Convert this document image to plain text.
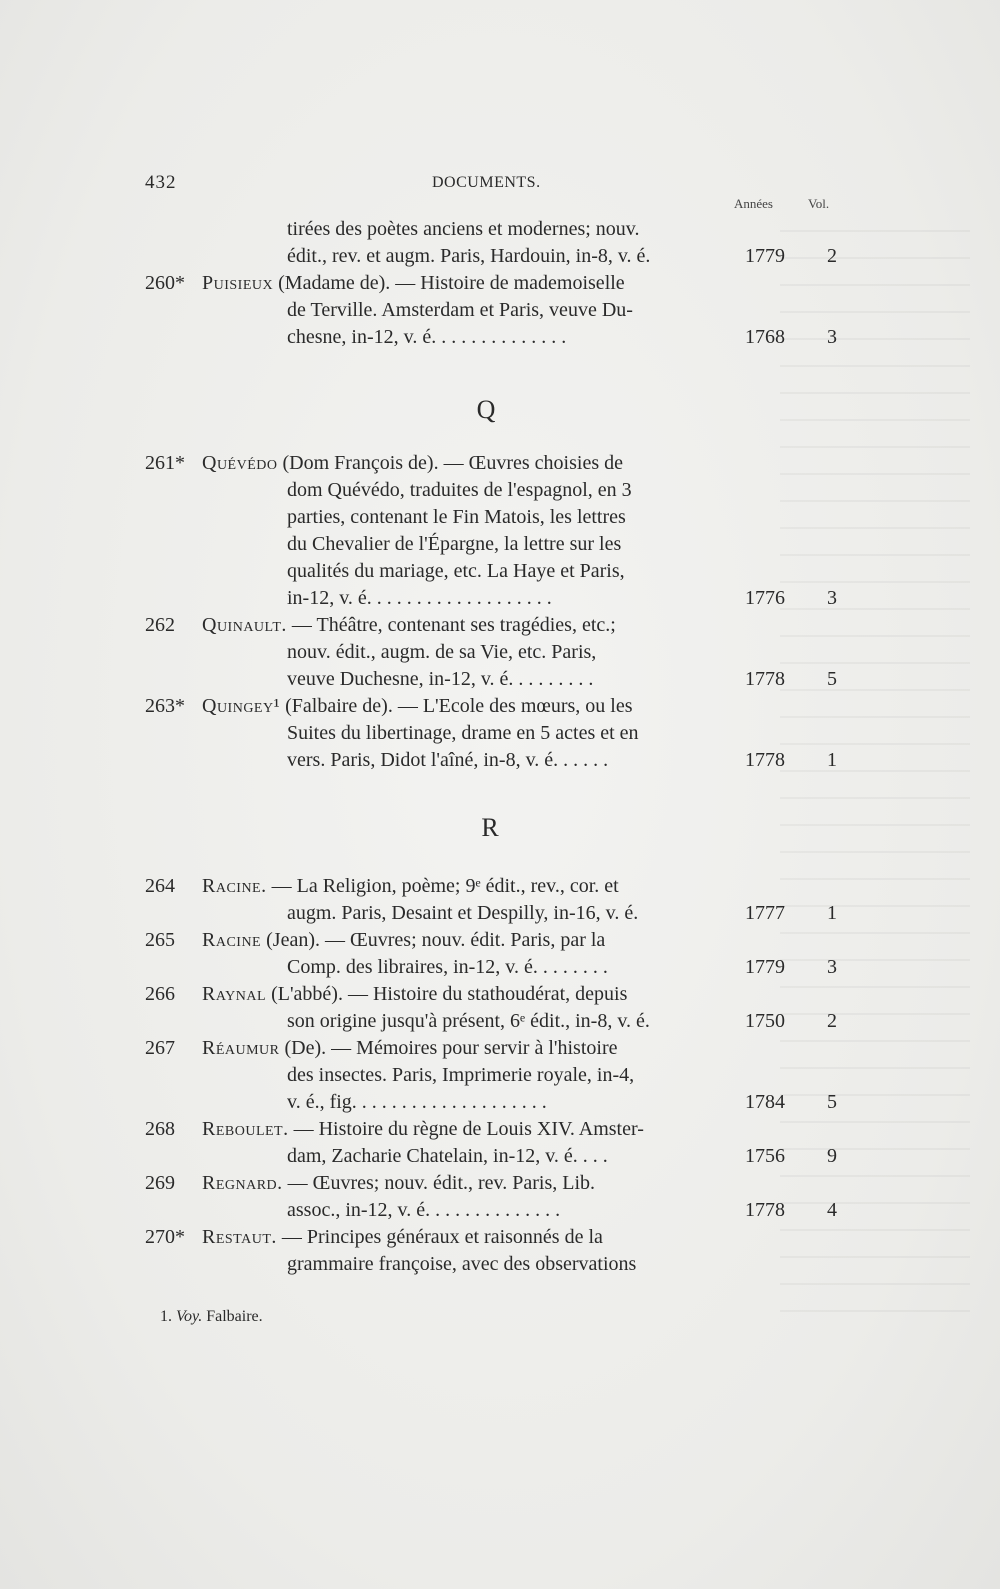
432	DOCUMENTS.
Années	Vol.
tirées des poètes anciens et modernes; nouv.
édit., rev. et augm. Paris, Hardouin, in-8, v. é.	1779	2
260* Puisieux (Madame de). — Histoire de mademoiselle
de Terville. Amsterdam et Paris, veuve Du-
chesne, in-12, v. é. . . . . . . . . . . . . .	1768	3
261* Quévédo (Dom François de). — Œuvres choisies de
dom Quévédo, traduites de l'espagnol, en 3
parties, contenant le Fin Matois, les lettres
du Chevalier de l'Épargne, la lettre sur les
qualités du mariage, etc. La Haye et Paris,
in-12, v. é. . . . . . . . . . . . . . . . . . .	1776	3
262 Quinault. — Théâtre, contenant ses tragédies, etc.;
nouv. édit., augm. de sa Vie, etc. Paris,
veuve Duchesne, in-12, v. é. . . . . . . . .	1778	5
263* Quingey¹ (Falbaire de). — L'Ecole des mœurs, ou les
Suites du libertinage, drame en 5 actes et en
vers. Paris, Didot l'aîné, in-8, v. é. . . . . .	1778	1
264 Racine. — La Religion, poème; 9ᵉ édit., rev., cor. et
augm. Paris, Desaint et Despilly, in-16, v. é.	1777	1
265 Racine (Jean). — Œuvres; nouv. édit. Paris, par la
Comp. des libraires, in-12, v. é. . . . . . . .	1779	3
266 Raynal (L'abbé). — Histoire du stathoudérat, depuis
son origine jusqu'à présent, 6ᵉ édit., in-8, v. é.	1750	2
267 Réaumur (De). — Mémoires pour servir à l'histoire
des insectes. Paris, Imprimerie royale, in-4,
v. é., fig. . . . . . . . . . . . . . . . . . . .	1784	5
268 Reboulet. — Histoire du règne de Louis XIV. Amster-
dam, Zacharie Chatelain, in-12, v. é. . . .	1756	9
269 Regnard. — Œuvres; nouv. édit., rev. Paris, Lib.
assoc., in-12, v. é. . . . . . . . . . . . . .	1778	4
270* Restaut. — Principes généraux et raisonnés de la
grammaire françoise, avec des observations
Q
R
1. Voy. Falbaire.
